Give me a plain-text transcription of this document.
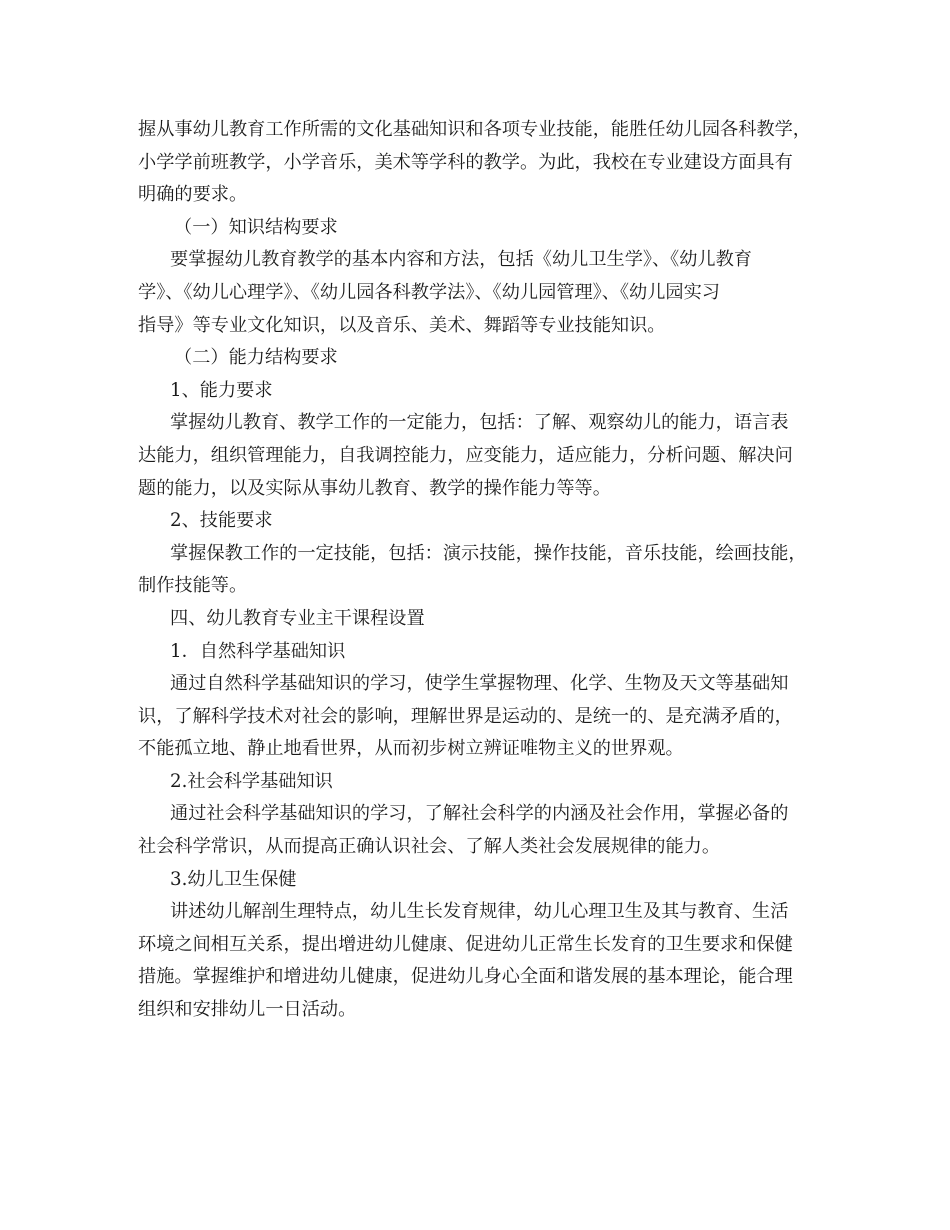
握从事幼儿教育工作所需的文化基础知识和各项专业技能，能胜任幼儿园各科教学，
小学学前班教学，小学音乐，美术等学科的教学。为此，我校在专业建设方面具有
明确的要求。
（一）知识结构要求
要掌握幼儿教育教学的基本内容和方法，包括《幼儿卫生学》、《幼儿教育
学》、《幼儿心理学》、《幼儿园各科教学法》、《幼儿园管理》、《幼儿园实习
指导》等专业文化知识，以及音乐、美术、舞蹈等专业技能知识。
（二）能力结构要求
1、能力要求
掌握幼儿教育、教学工作的一定能力，包括：了解、观察幼儿的能力，语言表
达能力，组织管理能力，自我调控能力，应变能力，适应能力，分析问题、解决问
题的能力，以及实际从事幼儿教育、教学的操作能力等等。
2、技能要求
掌握保教工作的一定技能，包括：演示技能，操作技能，音乐技能，绘画技能，
制作技能等。
四、幼儿教育专业主干课程设置
1．自然科学基础知识
通过自然科学基础知识的学习，使学生掌握物理、化学、生物及天文等基础知
识，了解科学技术对社会的影响，理解世界是运动的、是统一的、是充满矛盾的，
不能孤立地、静止地看世界，从而初步树立辨证唯物主义的世界观。
2.社会科学基础知识
通过社会科学基础知识的学习，了解社会科学的内涵及社会作用，掌握必备的
社会科学常识，从而提高正确认识社会、了解人类社会发展规律的能力。
3.幼儿卫生保健
讲述幼儿解剖生理特点，幼儿生长发育规律，幼儿心理卫生及其与教育、生活
环境之间相互关系，提出增进幼儿健康、促进幼儿正常生长发育的卫生要求和保健
措施。掌握维护和增进幼儿健康，促进幼儿身心全面和谐发展的基本理论，能合理
组织和安排幼儿一日活动。
